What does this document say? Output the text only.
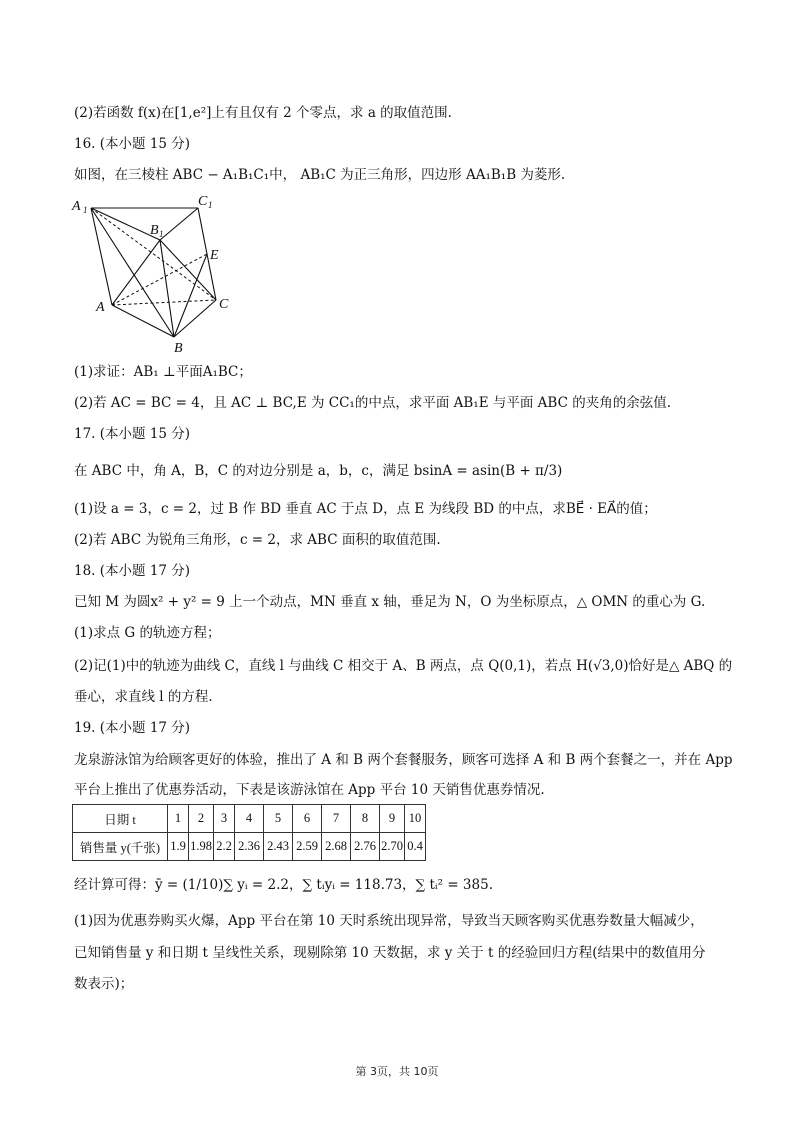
(2)若函数 f(x)在[1,e²]上有且仅有 2 个零点，求 a 的取值范围.
16. (本小题 15 分)
如图，在三棱柱 ABC − A₁B₁C₁中， AB₁C 为正三角形，四边形 AA₁B₁B 为菱形.
A 1
C 1
B 1
E
A	C
B
(1)求证：AB₁ ⊥平面A₁BC；
(2)若 AC = BC = 4，且 AC ⊥ BC,E 为 CC₁的中点，求平面 AB₁E 与平面 ABC 的夹角的余弦值.
17. (本小题 15 分)
在 ABC 中，角 A，B，C 的对边分别是 a，b，c，满足 bsinA = asin(B + π/3)
(1)设 a = 3，c = 2，过 B 作 BD 垂直 AC 于点 D，点 E 为线段 BD 的中点，求BE⃗ · EA⃗的值；
(2)若 ABC 为锐角三角形，c = 2，求 ABC 面积的取值范围.
18. (本小题 17 分)
已知 M 为圆x² + y² = 9 上一个动点，MN 垂直 x 轴，垂足为 N，O 为坐标原点，△ OMN 的重心为 G.
(1)求点 G 的轨迹方程；
(2)记(1)中的轨迹为曲线 C，直线 l 与曲线 C 相交于 A、B 两点，点 Q(0,1)，若点 H(√3,0)恰好是△ ABQ 的
垂心，求直线 l 的方程.
19. (本小题 17 分)
龙泉游泳馆为给顾客更好的体验，推出了 A 和 B 两个套餐服务，顾客可选择 A 和 B 两个套餐之一，并在 App
平台上推出了优惠券活动，下表是该游泳馆在 App 平台 10 天销售优惠券情况.
日期 t	1	2	3	4	5	6	7	8	9	10
销售量 y(千张)	1.9	1.98	2.2	2.36	2.43	2.59	2.68	2.76	2.70	0.4
经计算可得：ȳ = (1/10)∑ yᵢ = 2.2，∑ tᵢyᵢ = 118.73，∑ tᵢ² = 385.
(1)因为优惠券购买火爆，App 平台在第 10 天时系统出现异常，导致当天顾客购买优惠券数量大幅减少，
已知销售量 y 和日期 t 呈线性关系，现剔除第 10 天数据，求 y 关于 t 的经验回归方程(结果中的数值用分
数表示)；
第 3页，共 10页
